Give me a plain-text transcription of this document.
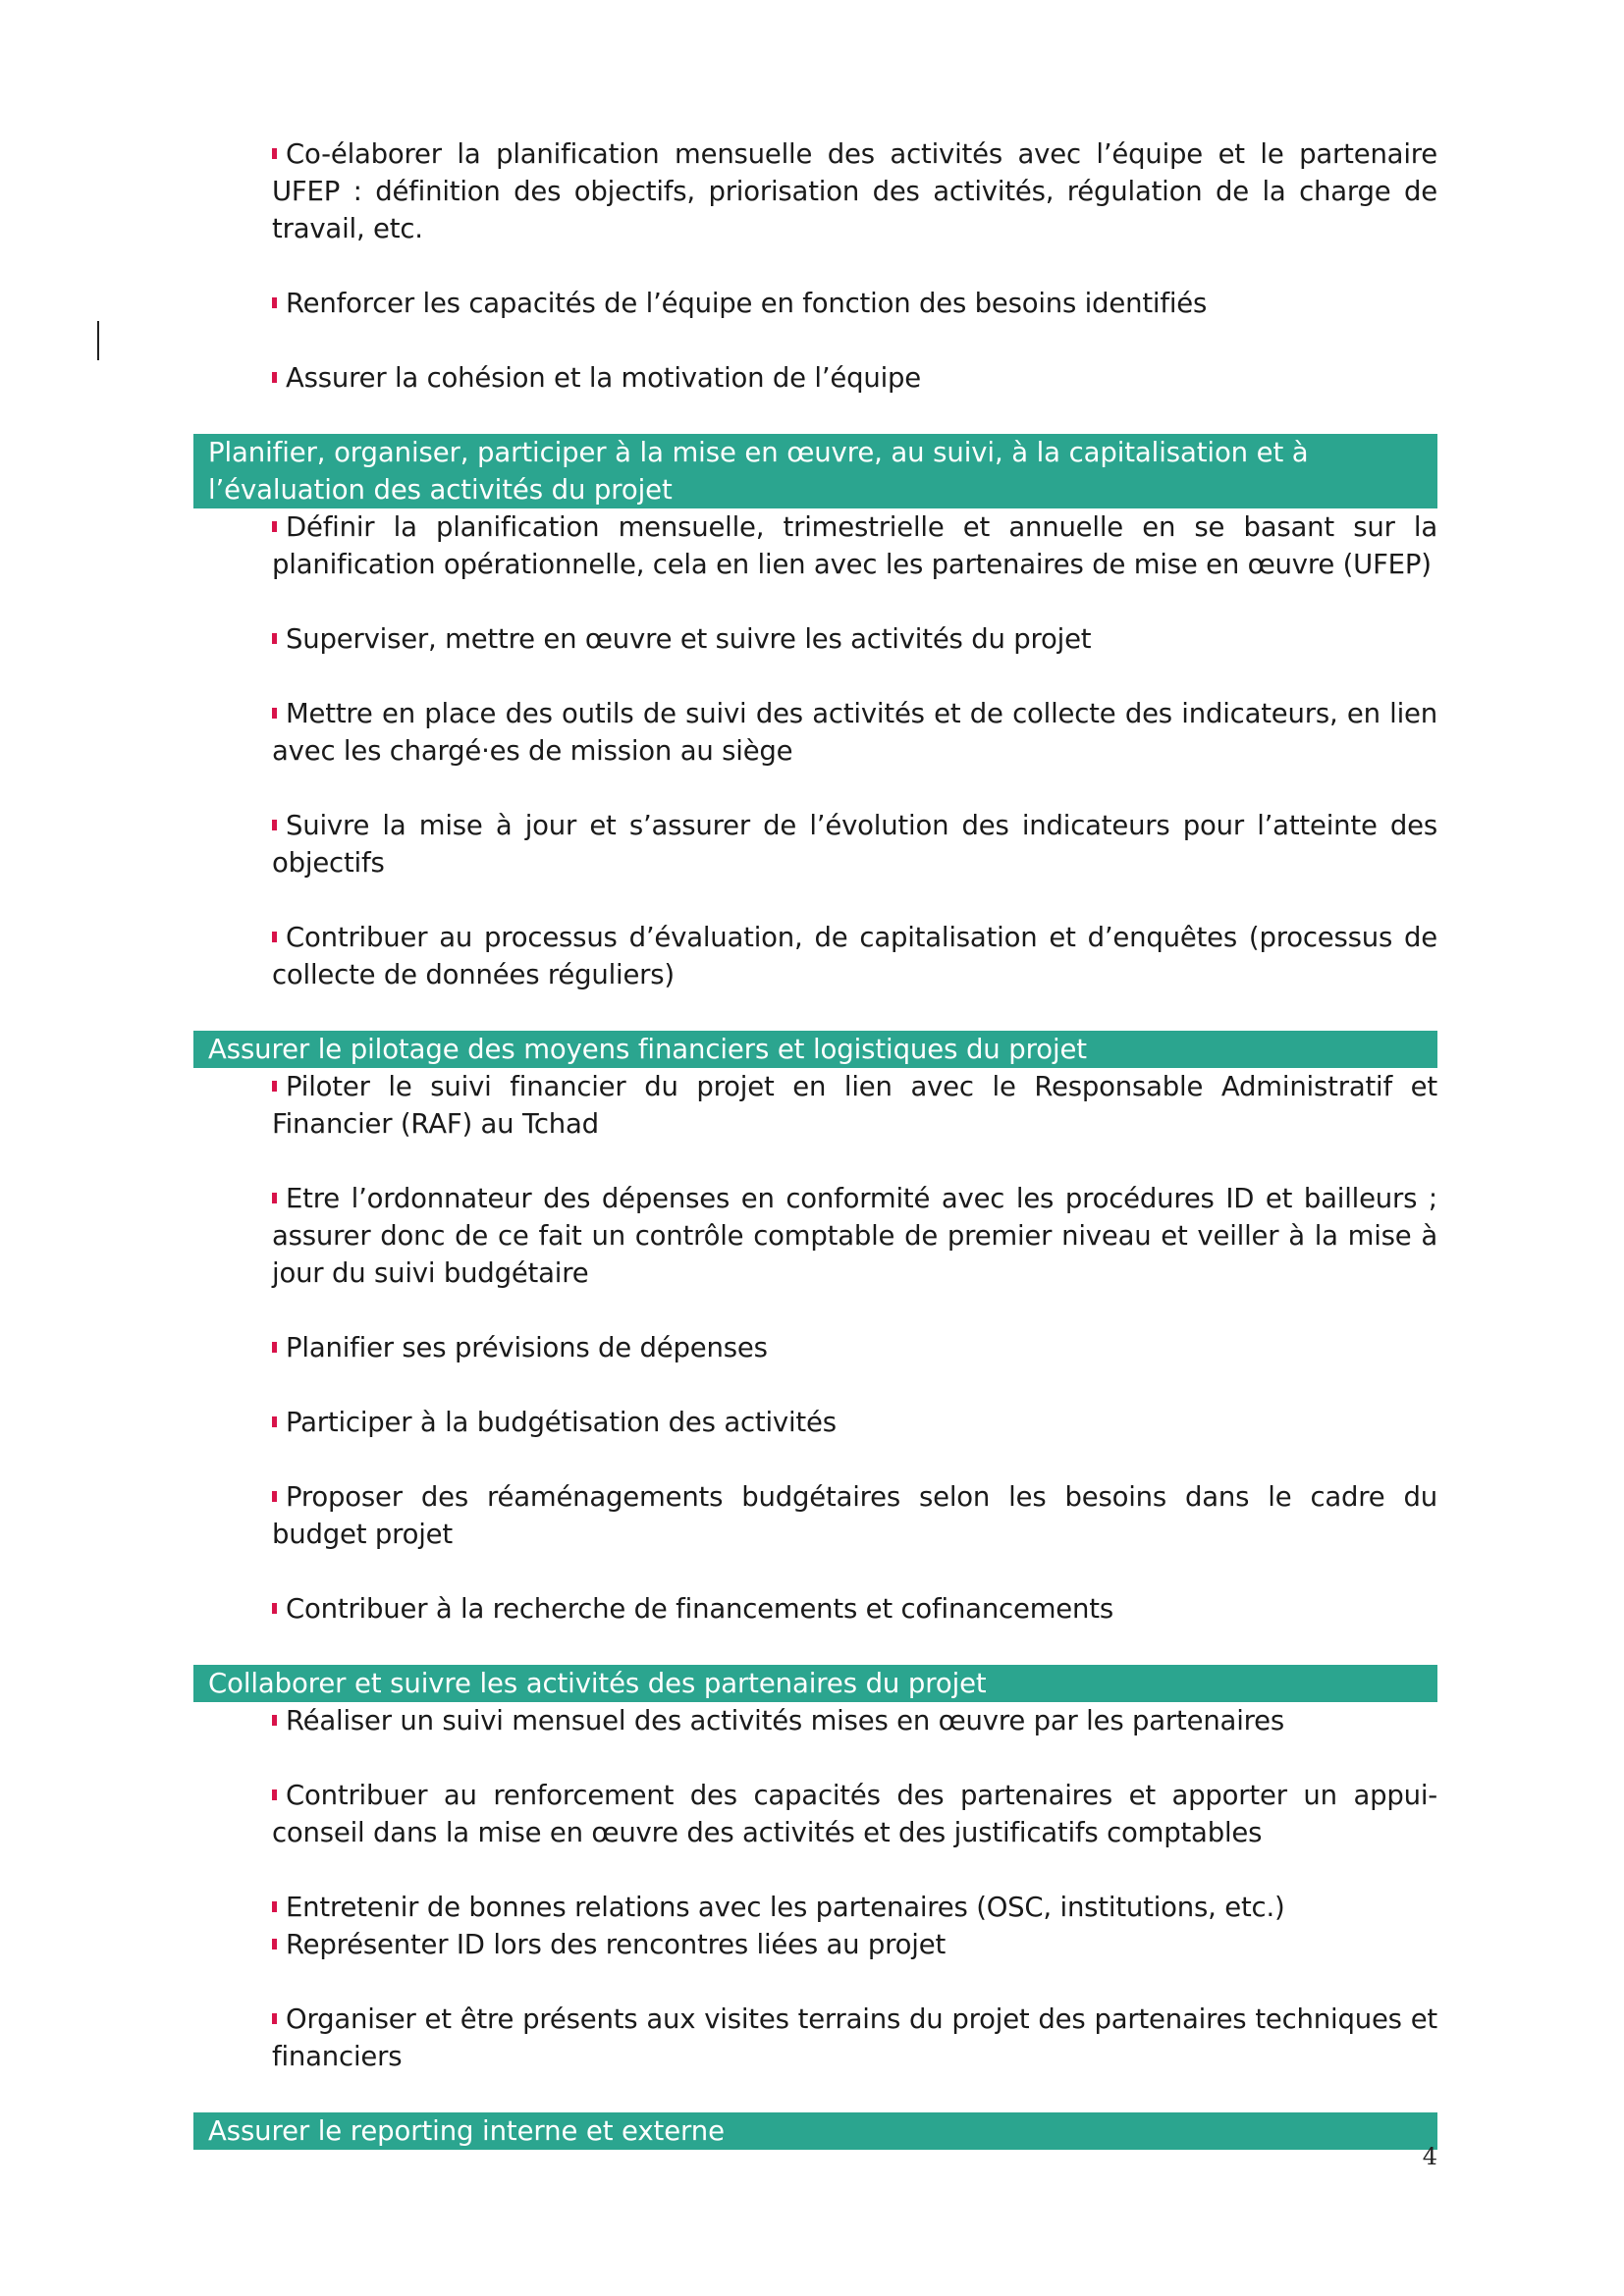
Co-élaborer la planification mensuelle des activités avec l’équipe et le partenaire UFEP : définition des objectifs, priorisation des activités, régulation de la charge de travail, etc.
Renforcer les capacités de l’équipe en fonction des besoins identifiés
Assurer la cohésion et la motivation de l’équipe
Planifier, organiser, participer à la mise en œuvre, au suivi, à la capitalisation et à l’évaluation des activités du projet
Définir la planification mensuelle, trimestrielle et annuelle en se basant sur la planification opérationnelle, cela en lien avec les partenaires de mise en œuvre (UFEP)
Superviser, mettre en œuvre et suivre les activités du projet
Mettre en place des outils de suivi des activités et de collecte des indicateurs, en lien avec les chargé·es de mission au siège
Suivre la mise à jour et s’assurer de l’évolution des indicateurs pour l’atteinte des objectifs
Contribuer au processus d’évaluation, de capitalisation et d’enquêtes (processus de collecte de données réguliers)
Assurer le pilotage des moyens financiers et logistiques du projet
Piloter le suivi financier du projet en lien avec le Responsable Administratif et Financier (RAF) au Tchad
Etre l’ordonnateur des dépenses en conformité avec les procédures ID et bailleurs ; assurer donc de ce fait un contrôle comptable de premier niveau et veiller à la mise à jour du suivi budgétaire
Planifier ses prévisions de dépenses
Participer à la budgétisation des activités
Proposer des réaménagements budgétaires selon les besoins dans le cadre du budget projet
Contribuer à la recherche de financements et cofinancements
Collaborer et suivre les activités des partenaires du projet
Réaliser un suivi mensuel des activités mises en œuvre par les partenaires
Contribuer au renforcement des capacités des partenaires et apporter un appui-conseil dans la mise en œuvre des activités et des justificatifs comptables
Entretenir de bonnes relations avec les partenaires (OSC, institutions, etc.)
Représenter ID lors des rencontres liées au projet
Organiser et être présents aux visites terrains du projet des partenaires techniques et financiers
Assurer le reporting interne et externe
4
